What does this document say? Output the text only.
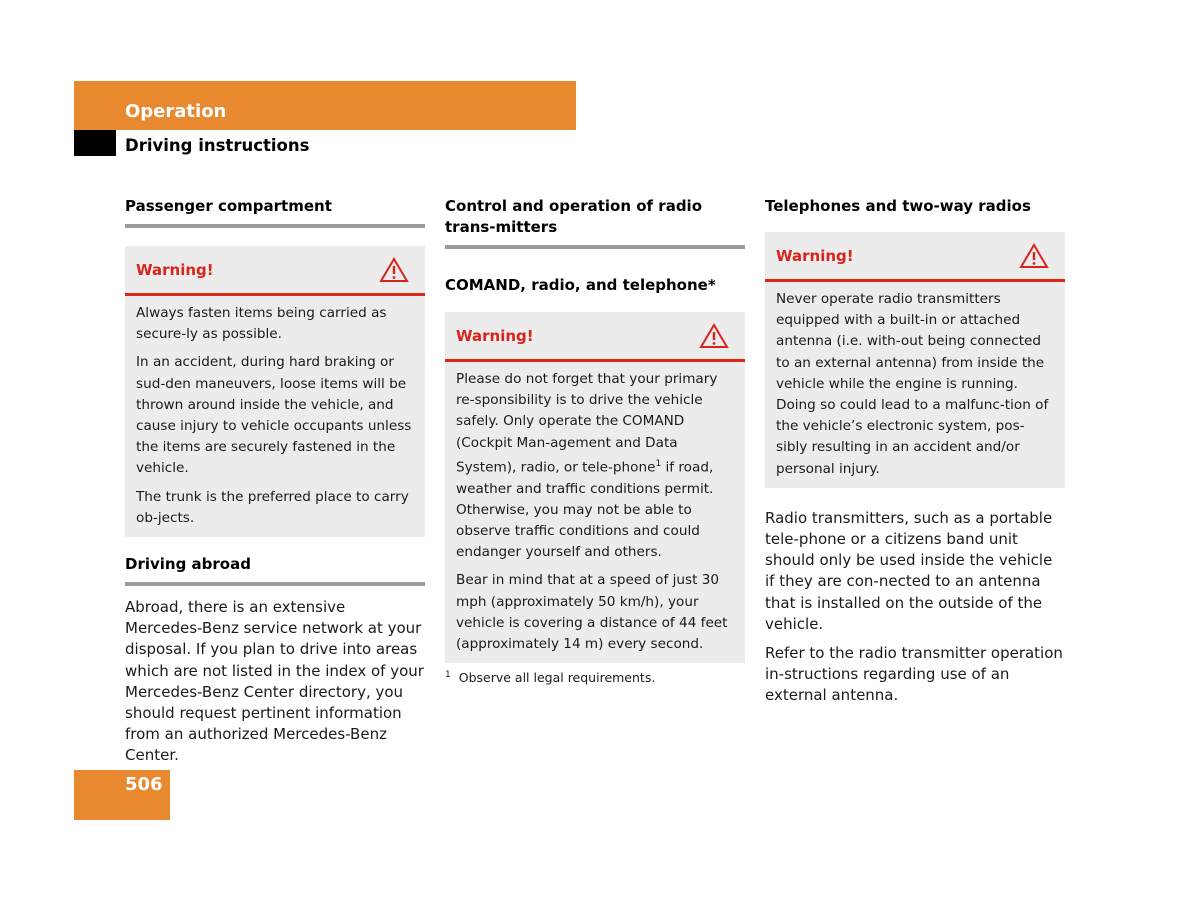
Operation
Driving instructions
Passenger compartment
Warning!

Always fasten items being carried as secure-ly as possible.

In an accident, during hard braking or sud-den maneuvers, loose items will be thrown around inside the vehicle, and cause injury to vehicle occupants unless the items are securely fastened in the vehicle.

The trunk is the preferred place to carry ob-jects.

Driving abroad

Abroad, there is an extensive Mercedes-Benz service network at your disposal. If you plan to drive into areas which are not listed in the index of your Mercedes-Benz Center directory, you should request pertinent information from an authorized Mercedes-Benz Center.

Control and operation of radio trans-mitters
COMAND, radio, and telephone*
Warning!

Please do not forget that your primary re-sponsibility is to drive the vehicle safely. Only operate the COMAND (Cockpit Man-agement and Data System), radio, or tele-phone$^1$ if road, weather and traffic conditions permit. Otherwise, you may not be able to observe traffic conditions and could endanger yourself and others.

Bear in mind that at a speed of just 30 mph (approximately 50 km/h), your vehicle is covering a distance of 44 feet (approximately 14 m) every second.

$^1$ Observe all legal requirements.
Telephones and two-way radios
Warning!

Never operate radio transmitters equipped with a built-in or attached antenna (i.e. with-out being connected to an external antenna) from inside the vehicle while the engine is running. Doing so could lead to a malfunc-tion of the vehicle’s electronic system, pos-sibly resulting in an accident and/or personal injury.

Radio transmitters, such as a portable tele-phone or a citizens band unit should only be used inside the vehicle if they are con-nected to an antenna that is installed on the outside of the vehicle.

Refer to the radio transmitter operation in-structions regarding use of an external antenna.

506
